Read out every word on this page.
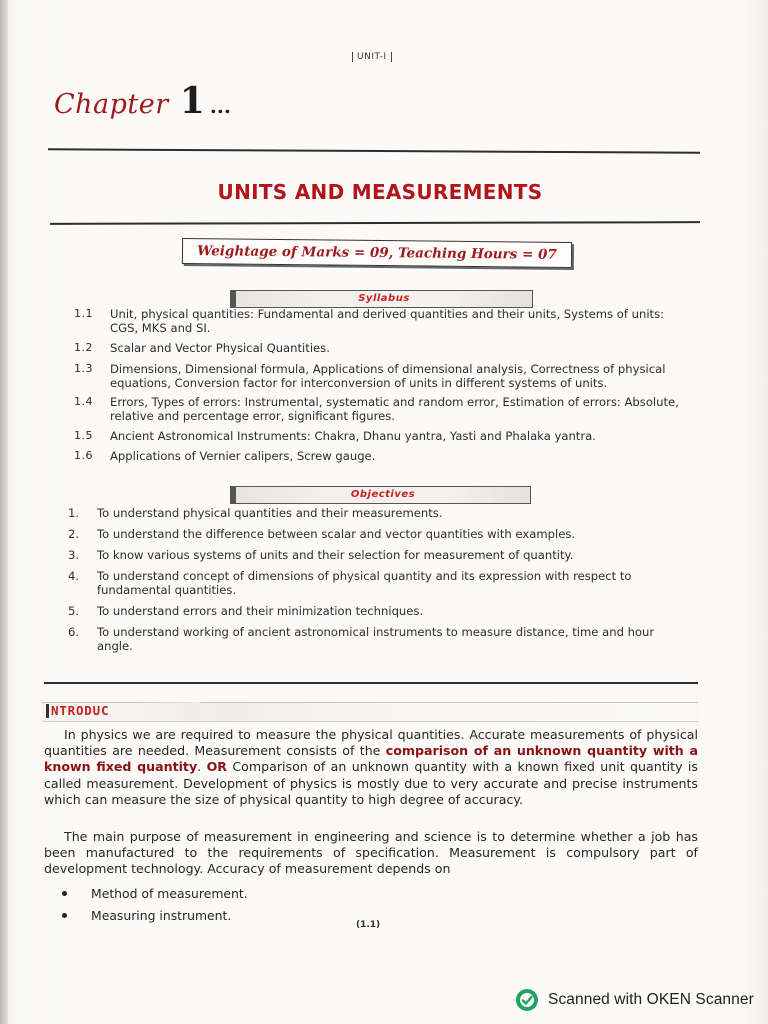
UNIT-I
Chapter 1 ...
UNITS AND MEASUREMENTS
Weightage of Marks = 09, Teaching Hours = 07
Syllabus
1.1	Unit, physical quantities: Fundamental and derived quantities and their units, Systems of units:
CGS, MKS and SI.
1.2	Scalar and Vector Physical Quantities.
1.3	Dimensions, Dimensional formula, Applications of dimensional analysis, Correctness of physical
equations, Conversion factor for interconversion of units in different systems of units.
1.4	Errors, Types of errors: Instrumental, systematic and random error, Estimation of errors: Absolute,
relative and percentage error, significant figures.
1.5	Ancient Astronomical Instruments: Chakra, Dhanu yantra, Yasti and Phalaka yantra.
1.6	Applications of Vernier calipers, Screw gauge.
Objectives
1.	To understand physical quantities and their measurements.
2.	To understand the difference between scalar and vector quantities with examples.
3.	To know various systems of units and their selection for measurement of quantity.
4.	To understand concept of dimensions of physical quantity and its expression with respect to
fundamental quantities.
5.	To understand errors and their minimization techniques.
6.	To understand working of ancient astronomical instruments to measure distance, time and hour
angle.
NTRODUC

In physics we are required to measure the physical quantities. Accurate measurements of physical quantities are needed. Measurement consists of the comparison of an unknown quantity with a known fixed quantity. OR Comparison of an unknown quantity with a known fixed unit quantity is called measurement. Development of physics is mostly due to very accurate and precise instruments which can measure the size of physical quantity to high degree of accuracy.

The main purpose of measurement in engineering and science is to determine whether a job has been manufactured to the requirements of specification. Measurement is compulsory part of development technology. Accuracy of measurement depends on

Method of measurement.
Measuring instrument.
(1.1)
Scanned with OKEN Scanner
